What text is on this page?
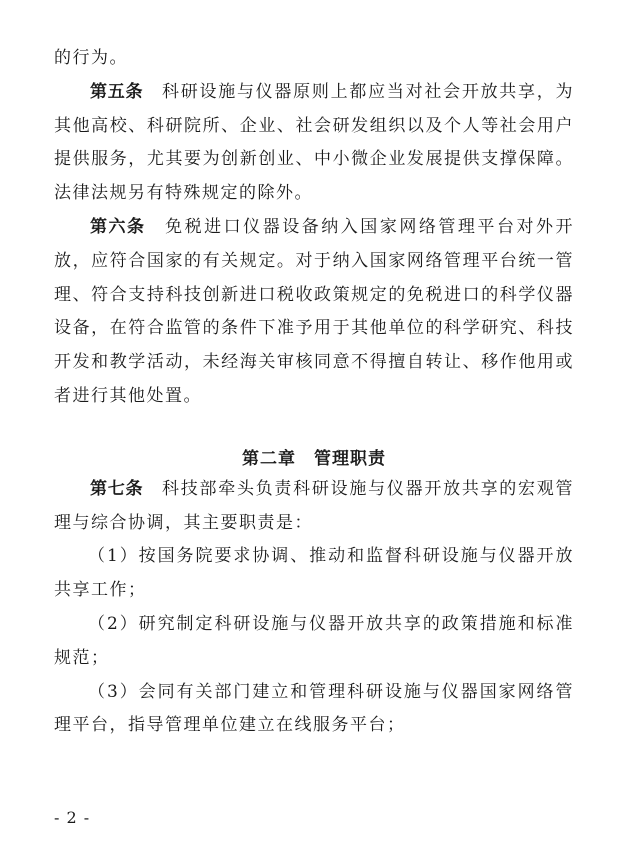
的行为。

第五条　 科研设施与仪器原则上都应当对社会开放共享，为其他高校、科研院所、企业、社会研发组织以及个人等社会用户提供服务，尤其要为创新创业、中小微企业发展提供支撑保障。法律法规另有特殊规定的除外。

第六条　 免税进口仪器设备纳入国家网络管理平台对外开放，应符合国家的有关规定。对于纳入国家网络管理平台统一管理、符合支持科技创新进口税收政策规定的免税进口的科学仪器设备，在符合监管的条件下准予用于其他单位的科学研究、科技开发和教学活动，未经海关审核同意不得擅自转让、移作他用或者进行其他处置。

第二章　管理职责

第七条　 科技部牵头负责科研设施与仪器开放共享的宏观管理与综合协调，其主要职责是：

（1）按国务院要求协调、推动和监督科研设施与仪器开放共享工作；

（2）研究制定科研设施与仪器开放共享的政策措施和标准规范；

（3）会同有关部门建立和管理科研设施与仪器国家网络管理平台，指导管理单位建立在线服务平台；

- 2 -
